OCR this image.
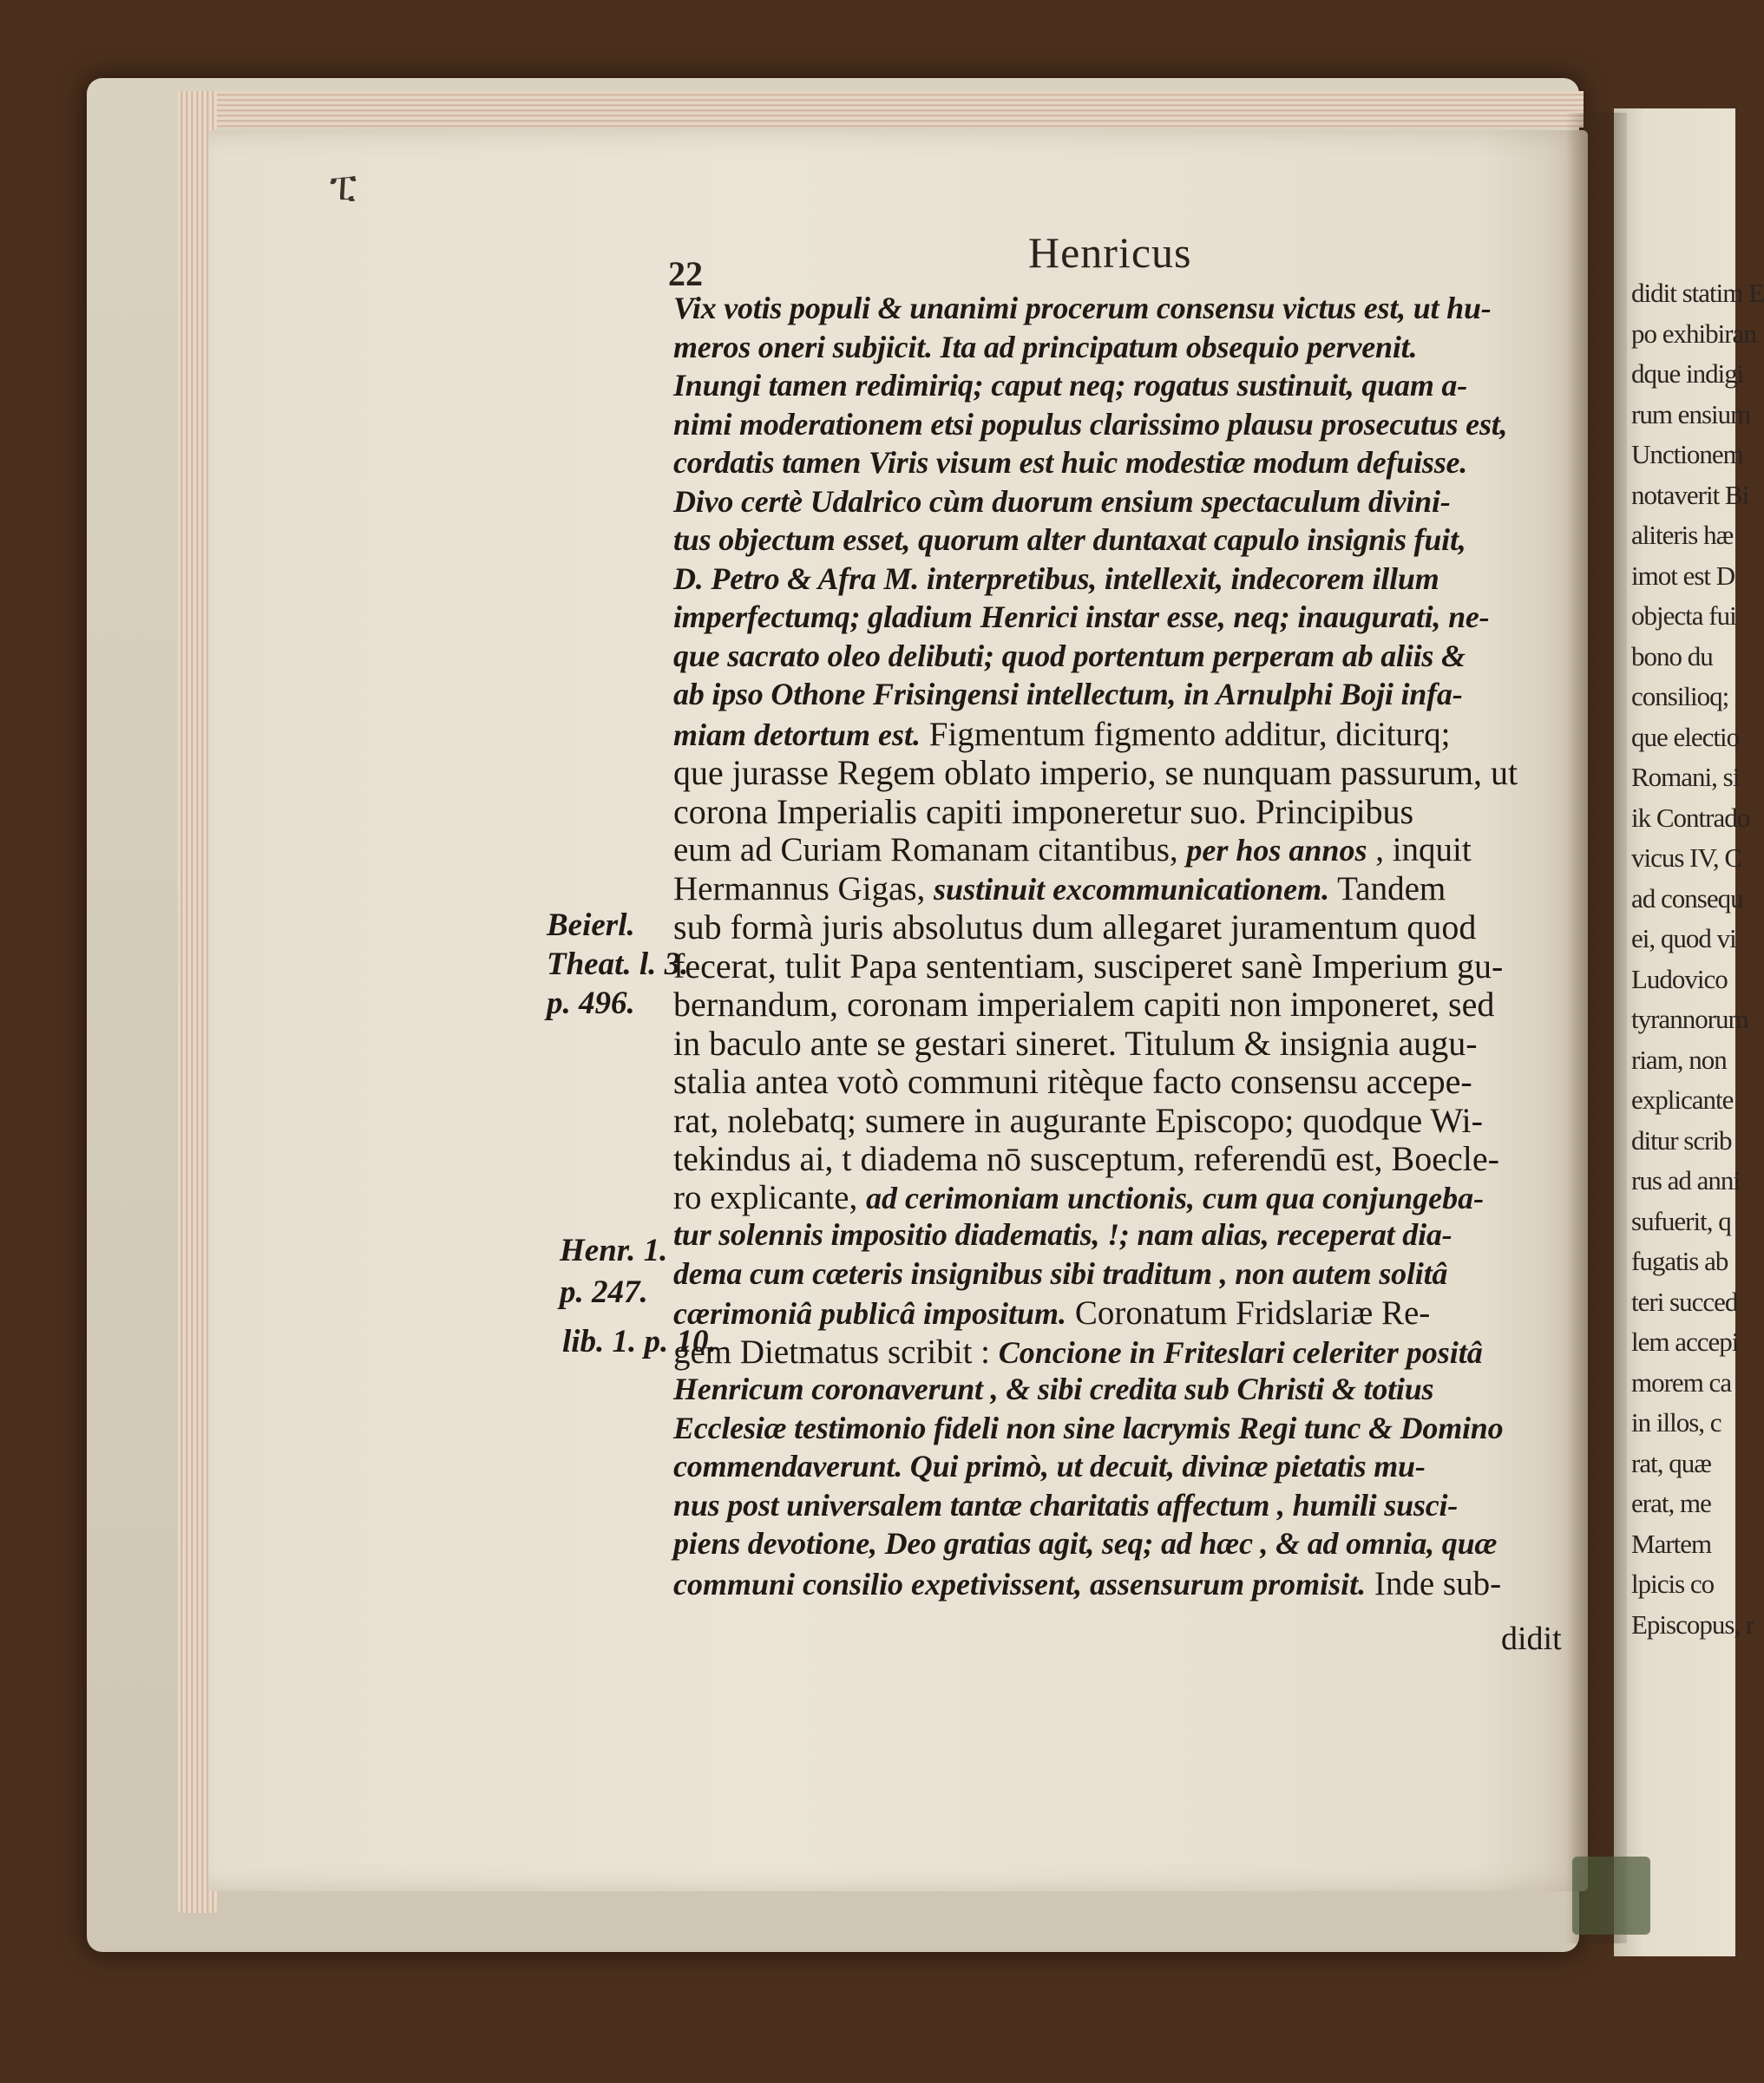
didit statim E
po exhibiran
dque indigi
rum ensium
Unctionem
notaverit Bi
aliteris hæ
imot est D
objecta fui
bono du
consilioq;
que electio
Romani, si
ik Contrado
vicus IV, C
ad consequ
ei, quod vi
Ludovico
tyrannorum
riam, non
explicante
ditur scrib
rus ad anni
sufuerit, q
fugatis ab
teri succed
lem accepi
morem ca
in illos, c
rat, quæ
erat, me
Martem
lpicis co
Episcopus, r
ፒ
22	Henricus
Vix votis populi & unanimi procerum consensu victus est, ut hu-
meros oneri subjicit. Ita ad principatum obsequio pervenit.
Inungi tamen redimiriq; caput neq; rogatus sustinuit, quam a-
nimi moderationem etsi populus clarissimo plausu prosecutus est,
cordatis tamen Viris visum est huic modestiæ modum defuisse.
Divo certè Udalrico cùm duorum ensium spectaculum divini-
tus objectum esset, quorum alter duntaxat capulo insignis fuit,
D. Petro & Afra M. interpretibus, intellexit, indecorem illum
imperfectumq; gladium Henrici instar esse, neq; inaugurati, ne-
que sacrato oleo delibuti; quod portentum perperam ab aliis &
ab ipso Othone Frisingensi intellectum, in Arnulphi Boji infa-
miam detortum est. Figmentum figmento additur, diciturq;
que jurasse Regem oblato imperio, se nunquam passurum, ut
corona Imperialis capiti imponeretur suo. Principibus
eum ad Curiam Romanam citantibus, per hos annos , inquit
Hermannus Gigas, sustinuit excommunicationem. Tandem
sub formà juris absolutus dum allegaret juramentum quod
fecerat, tulit Papa sententiam, susciperet sanè Imperium gu-
bernandum, coronam imperialem capiti non imponeret, sed
in baculo ante se gestari sineret. Titulum & insignia augu-
stalia antea votò communi ritèque facto consensu accepe-
rat, nolebatq; sumere in augurante Episcopo; quodque Wi-
tekindus ai, t diadema nō susceptum, referendū est, Boecle-
ro explicante, ad cerimoniam unctionis, cum qua conjungeba-
tur solennis impositio diadematis, !; nam alias, receperat dia-
dema cum cæteris insignibus sibi traditum , non autem solitâ
cærimoniâ publicâ impositum. Coronatum Fridslariæ Re-
gem Dietmatus scribit : Concione in Friteslari celeriter positâ
Henricum coronaverunt , & sibi credita sub Christi & totius
Ecclesiæ testimonio fideli non sine lacrymis Regi tunc & Domino
commendaverunt. Qui primò, ut decuit, divinæ pietatis mu-
nus post universalem tantæ charitatis affectum , humili susci-
piens devotione, Deo gratias agit, seq; ad hæc , & ad omnia, quæ
communi consilio expetivissent, assensurum promisit. Inde sub-
didit
Beierl.
Theat. l. 3.
p. 496.
Henr. 1.
p. 247.
lib. 1. p. 10.
